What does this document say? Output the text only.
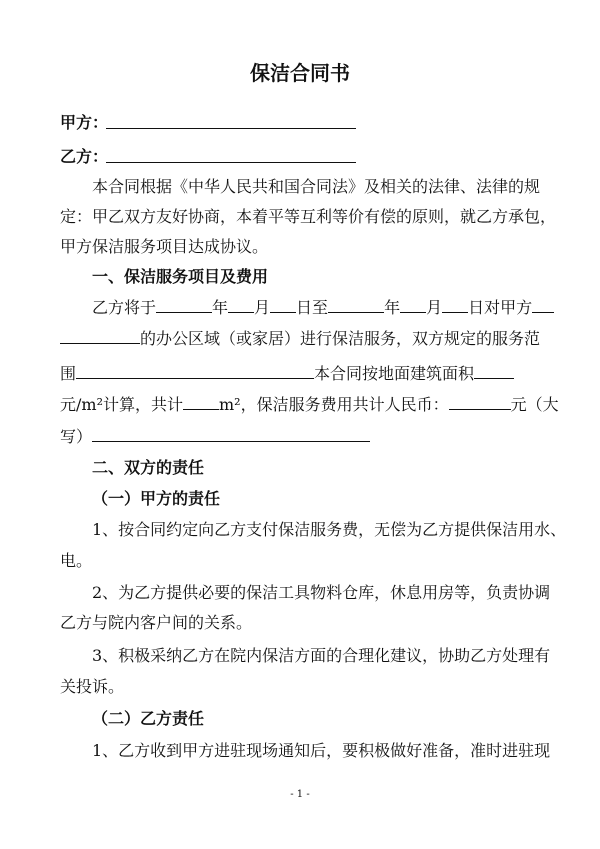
保洁合同书
甲方：
乙方：
本合同根据《中华人民共和国合同法》及相关的法律、法律的规
定：甲乙双方友好协商，本着平等互利等价有偿的原则，就乙方承包，
甲方保洁服务项目达成协议。
一、保洁服务项目及费用
乙方将于	年 月 日至	年 月 日对甲方
的办公区域（或家居）进行保洁服务，双方规定的服务范
围	本合同按地面建筑面积
元/m²计算，共计 m²，保洁服务费用共计人民币：	元（大
写）
二、双方的责任
（一）甲方的责任
1、按合同约定向乙方支付保洁服务费，无偿为乙方提供保洁用水、
电。
2、为乙方提供必要的保洁工具物料仓库，休息用房等，负责协调
乙方与院内客户间的关系。
3、积极采纳乙方在院内保洁方面的合理化建议，协助乙方处理有
关投诉。
（二）乙方责任
1、乙方收到甲方进驻现场通知后，要积极做好准备，准时进驻现
- 1 -
